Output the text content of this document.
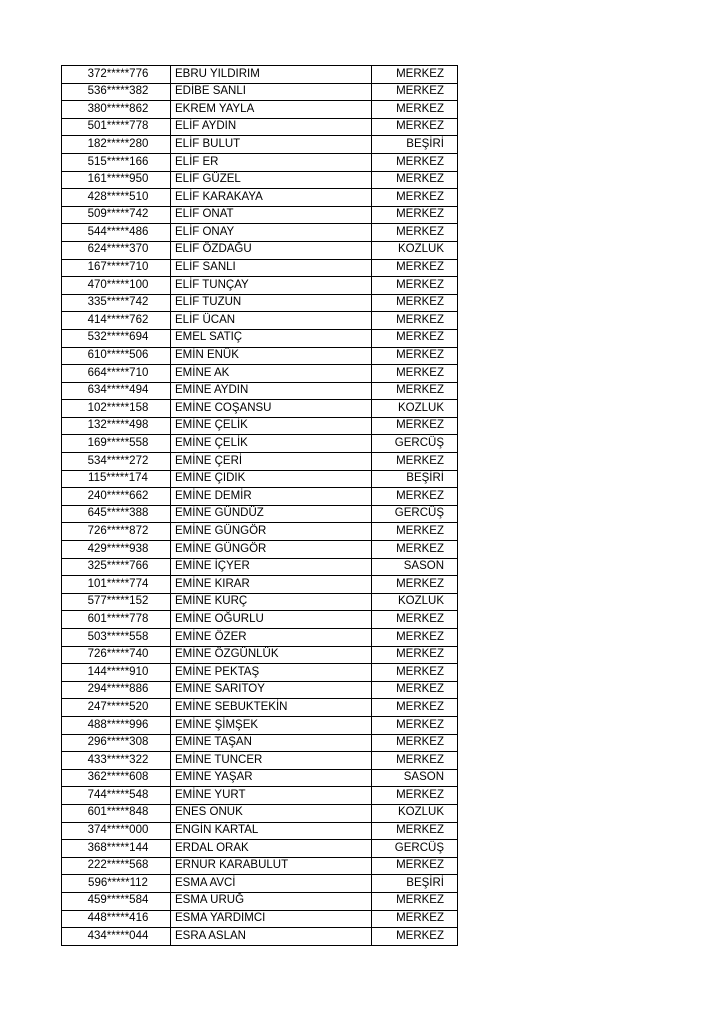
372*****776	EBRU YILDIRIM	MERKEZ
536*****382	EDİBE SANLI	MERKEZ
380*****862	EKREM YAYLA	MERKEZ
501*****778	ELİF AYDIN	MERKEZ
182*****280	ELİF BULUT	BEŞİRİ
515*****166	ELİF ER	MERKEZ
161*****950	ELİF GÜZEL	MERKEZ
428*****510	ELİF KARAKAYA	MERKEZ
509*****742	ELİF ONAT	MERKEZ
544*****486	ELİF ONAY	MERKEZ
624*****370	ELİF ÖZDAĞU	KOZLUK
167*****710	ELİF SANLI	MERKEZ
470*****100	ELİF TUNÇAY	MERKEZ
335*****742	ELİF TUZUN	MERKEZ
414*****762	ELİF ÜCAN	MERKEZ
532*****694	EMEL SATIÇ	MERKEZ
610*****506	EMİN ENÜK	MERKEZ
664*****710	EMİNE AK	MERKEZ
634*****494	EMİNE AYDIN	MERKEZ
102*****158	EMİNE COŞANSU	KOZLUK
132*****498	EMİNE ÇELİK	MERKEZ
169*****558	EMİNE ÇELİK	GERCÜŞ
534*****272	EMİNE ÇERİ	MERKEZ
115*****174	EMİNE ÇIDIK	BEŞİRİ
240*****662	EMİNE DEMİR	MERKEZ
645*****388	EMİNE GÜNDÜZ	GERCÜŞ
726*****872	EMİNE GÜNGÖR	MERKEZ
429*****938	EMİNE GÜNGÖR	MERKEZ
325*****766	EMİNE İÇYER	SASON
101*****774	EMİNE KIRAR	MERKEZ
577*****152	EMİNE KURÇ	KOZLUK
601*****778	EMİNE OĞURLU	MERKEZ
503*****558	EMİNE ÖZER	MERKEZ
726*****740	EMİNE ÖZGÜNLÜK	MERKEZ
144*****910	EMİNE PEKTAŞ	MERKEZ
294*****886	EMİNE SARITOY	MERKEZ
247*****520	EMİNE SEBUKTEKİN	MERKEZ
488*****996	EMİNE ŞİMŞEK	MERKEZ
296*****308	EMİNE TAŞAN	MERKEZ
433*****322	EMİNE TUNCER	MERKEZ
362*****608	EMİNE YAŞAR	SASON
744*****548	EMİNE YURT	MERKEZ
601*****848	ENES ONUK	KOZLUK
374*****000	ENGİN KARTAL	MERKEZ
368*****144	ERDAL ORAK	GERCÜŞ
222*****568	ERNUR KARABULUT	MERKEZ
596*****112	ESMA AVCİ	BEŞİRİ
459*****584	ESMA URUĞ	MERKEZ
448*****416	ESMA YARDIMCI	MERKEZ
434*****044	ESRA ASLAN	MERKEZ
